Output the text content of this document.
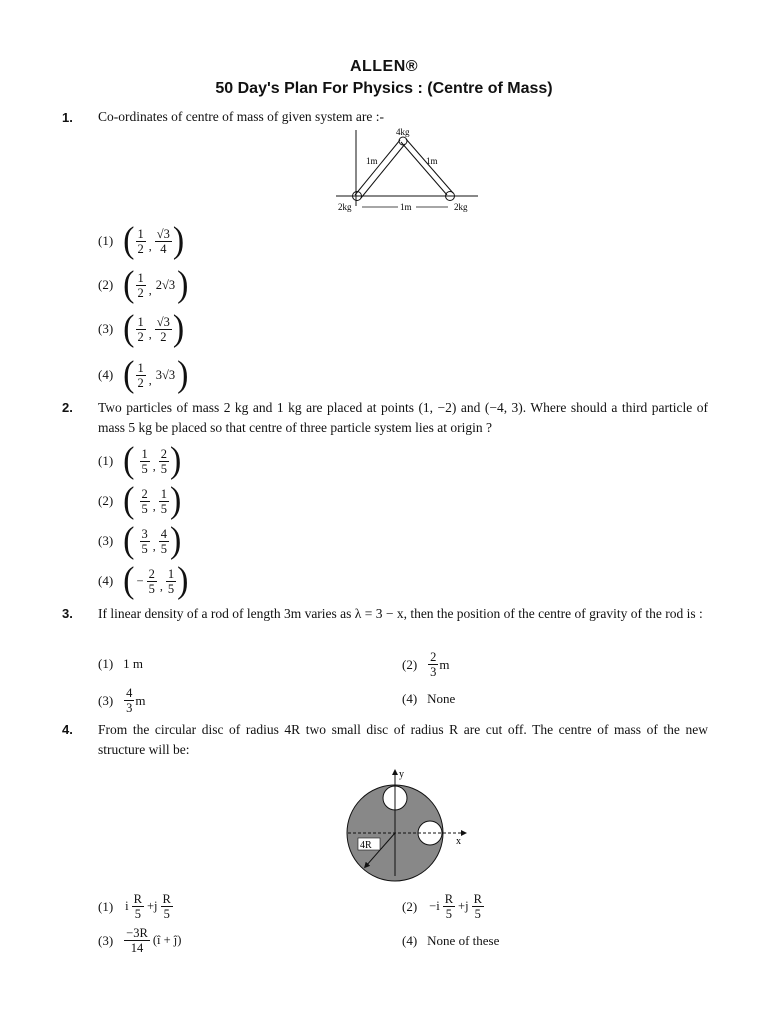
ALLEN®
50 Day's Plan For Physics : (Centre of Mass)
1. Co-ordinates of centre of mass of given system are :-
4kg
1m	1m
2kg	2kg
1m
(1) ( $\frac{1}{2}$ , $\frac{√3}{4}$ )
(2) ( $\frac{1}{2}$ , 2√3 )
(3) ( $\frac{1}{2}$ , $\frac{√3}{2}$ )
(4) ( $\frac{1}{2}$ , 3√3 )
2. Two particles of mass 2 kg and 1 kg are placed at points (1, −2) and (−4, 3). Where should a third particle of mass 5 kg be placed so that centre of three particle system lies at origin ?
(1) ( $\frac{1}{5}$ , $\frac{2}{5}$ )
(2) ( $\frac{2}{5}$ , $\frac{1}{5}$ )
(3) ( $\frac{3}{5}$ , $\frac{4}{5}$ )
(4) ( − $\frac{2}{5}$ , $\frac{1}{5}$ )
3. If linear density of a rod of length 3m varies as λ = 3 − x, then the position of the centre of gravity of the rod is :
(1) 1 m	$(2) \frac{2}{3}$ m
$(3) \frac{4}{3}$ m	(4) None
4. From the circular disc of radius 4R two small disc of radius R are cut off. The centre of mass of the new structure will be:
4R
y
x
(1) i $\frac{R}{5} +j \frac{R}{5}$	$(2) -i \frac{R}{5} +j \frac{R}{5}$
$(3) \frac{-3R}{14}$ (î + ĵ)	(4) None of these
